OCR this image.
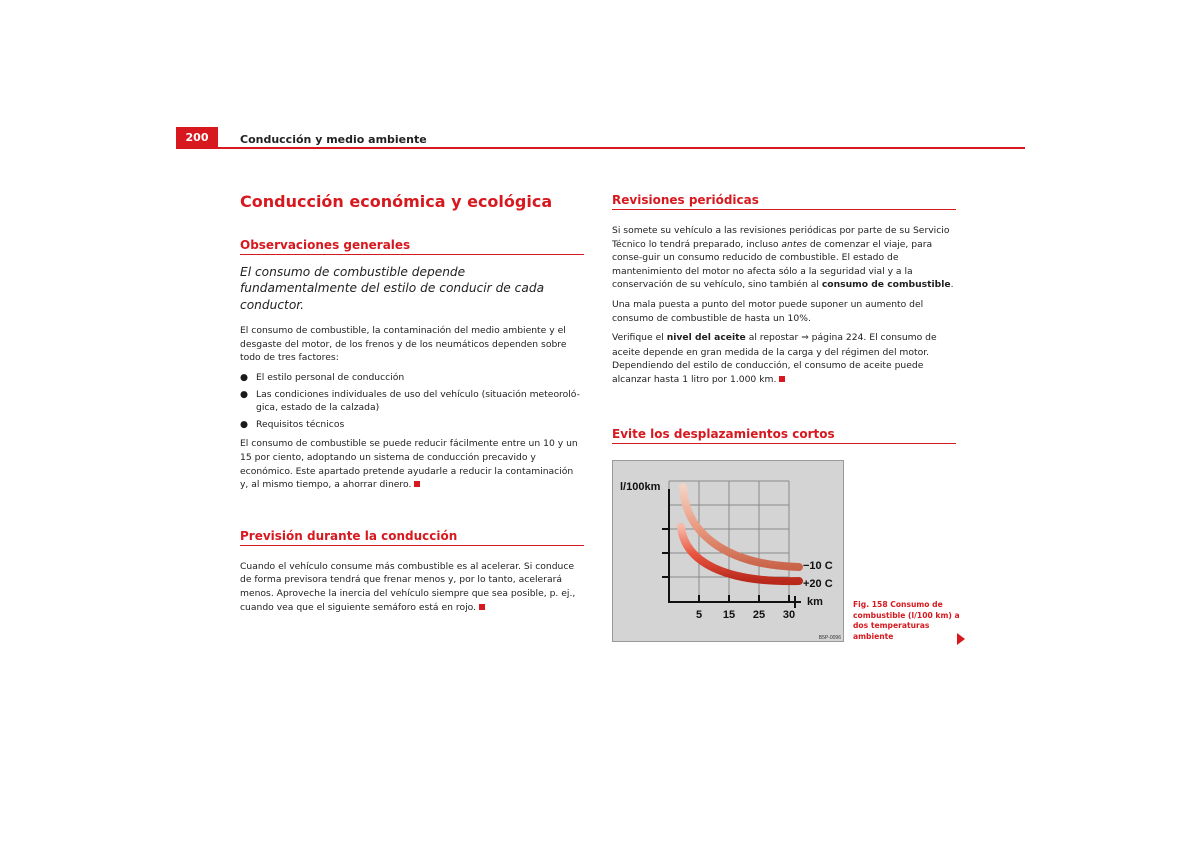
200	Conducción y medio ambiente
Conducción económica y ecológica
Observaciones generales

El consumo de combustible depende fundamentalmente del estilo de conducir de cada conductor.

El consumo de combustible, la contaminación del medio ambiente y el desgaste del motor, de los frenos y de los neumáticos dependen sobre todo de tres factores:

● El estilo personal de conducción

● Las condiciones individuales de uso del vehículo (situación meteoroló-gica, estado de la calzada)

● Requisitos técnicos

El consumo de combustible se puede reducir fácilmente entre un 10 y un 15 por ciento, adoptando un sistema de conducción precavido y económico. Este apartado pretende ayudarle a reducir la contaminación y, al mismo tiempo, a ahorrar dinero.

Previsión durante la conducción

Cuando el vehículo consume más combustible es al acelerar. Si conduce de forma previsora tendrá que frenar menos y, por lo tanto, acelerará menos. Aproveche la inercia del vehículo siempre que sea posible, p. ej., cuando vea que el siguiente semáforo está en rojo.

Revisiones periódicas

Si somete su vehículo a las revisiones periódicas por parte de su Servicio Técnico lo tendrá preparado, incluso antes de comenzar el viaje, para conse-guir un consumo reducido de combustible. El estado de mantenimiento del motor no afecta sólo a la seguridad vial y a la conservación de su vehículo, sino también al consumo de combustible.

Una mala puesta a punto del motor puede suponer un aumento del consumo de combustible de hasta un 10%.

Verifique el nivel del aceite al repostar ⇒ página 224. El consumo de aceite depende en gran medida de la carga y del régimen del motor. Dependiendo del estilo de conducción, el consumo de aceite puede alcanzar hasta 1 litro por 1.000 km.

Evite los desplazamientos cortos
l/100km
−10 C
+20 C
km
5 15 25 30
B5P-0096
Fig. 158 Consumo de combustible (l/100 km) a dos temperaturas ambiente
